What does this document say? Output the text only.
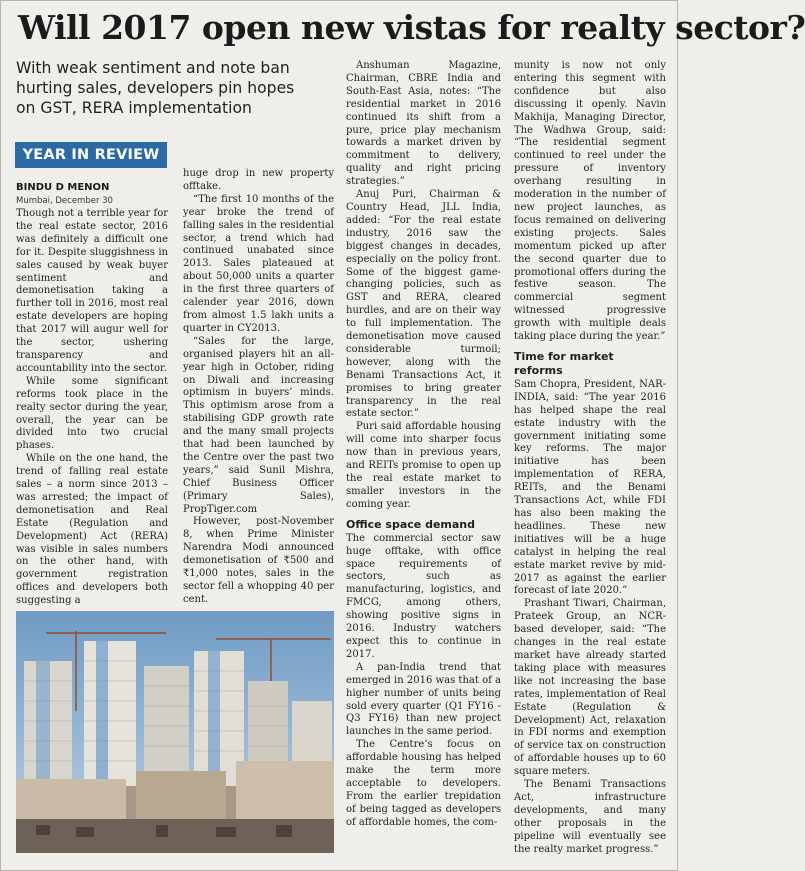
Will 2017 open new vistas for realty sector?
With weak sentiment and note ban
hurting sales, developers pin hopes
on GST, RERA implementation
YEAR IN REVIEW
BINDU D MENON
Mumbai, December 30

Though not a terrible year for the real estate sector, 2016 was definitely a difficult one for it. Despite sluggishness in sales caused by weak buyer sentiment and demonetisation taking a further toll in 2016, most real estate developers are hoping that 2017 will augur well for the sector, ushering transparency and accountability into the sector.

While some significant reforms took place in the realty sector during the year, overall, the year can be divided into two crucial phases.

While on the one hand, the trend of falling real estate sales – a norm since 2013 – was arrested; the impact of demonetisation and Real Estate (Regulation and Development) Act (RERA) was visible in sales numbers on the other hand, with government registration offices and developers both suggesting a

huge drop in new property offtake.

“The first 10 months of the year broke the trend of falling sales in the residential sector, a trend which had continued unabated since 2013. Sales plateaued at about 50,000 units a quarter in the first three quarters of calender year 2016, down from almost 1.5 lakh units a quarter in CY2013.

“Sales for the large, organised players hit an all-year high in October, riding on Diwali and increasing optimism in buyers’ minds. This optimism arose from a stabilising GDP growth rate and the many small projects that had been launched by the Centre over the past two years,” said Sunil Mishra, Chief Business Officer (Primary Sales), PropTiger.com

However, post-November 8, when Prime Minister Narendra Modi announced demonetisation of ₹500 and ₹1,000 notes, sales in the sector fell a whopping 40 per cent.

Anshuman Magazine, Chairman, CBRE India and South-East Asia, notes: “The residential market in 2016 continued its shift from a pure, price play mechanism towards a market driven by commitment to delivery, quality and right pricing strategies.”

Anuj Puri, Chairman & Country Head, JLL India, added: “For the real estate industry, 2016 saw the biggest changes in decades, especially on the policy front. Some of the biggest game-changing policies, such as GST and RERA, cleared hurdles, and are on their way to full implementation. The demonetisation move caused considerable turmoil; however, along with the Benami Transactions Act, it promises to bring greater transparency in the real estate sector.”

Puri said affordable housing will come into sharper focus now than in previous years, and REITs promise to open up the real estate market to smaller investors in the coming year.

Office space demand

The commercial sector saw huge offtake, with office space requirements of sectors, such as manufacturing, logistics, and FMCG, among others, showing positive signs in 2016. Industry watchers expect this to continue in 2017.

A pan-India trend that emerged in 2016 was that of a higher number of units being sold every quarter (Q1 FY16 - Q3 FY16) than new project launches in the same period.

The Centre’s focus on affordable housing has helped make the term more acceptable to developers. From the earlier trepidation of being tagged as developers of affordable homes, the com-

munity is now not only entering this segment with confidence but also discussing it openly. Navin Makhija, Managing Director, The Wadhwa Group, said: “The residential segment continued to reel under the pressure of inventory overhang resulting in moderation in the number of new project launches, as focus remained on delivering existing projects. Sales momentum picked up after the second quarter due to promotional offers during the festive season. The commercial segment witnessed progressive growth with multiple deals taking place during the year.”

Time for market reforms

Sam Chopra, President, NAR-INDIA, said: “The year 2016 has helped shape the real estate industry with the government initiating some key reforms. The major initiative has been implementation of RERA, REITs, and the Benami Transactions Act, while FDI has also been making the headlines. These new initiatives will be a huge catalyst in helping the real estate market revive by mid-2017 as against the earlier forecast of late 2020.”

Prashant Tiwari, Chairman, Prateek Group, an NCR-based developer, said: “The changes in the real estate market have already started taking place with measures like not increasing the base rates, implementation of Real Estate (Regulation & Development) Act, relaxation in FDI norms and exemption of service tax on construction of affordable houses up to 60 square meters.

The Benami Transactions Act, infrastructure developments, and many other proposals in the pipeline will eventually see the realty market progress.”
